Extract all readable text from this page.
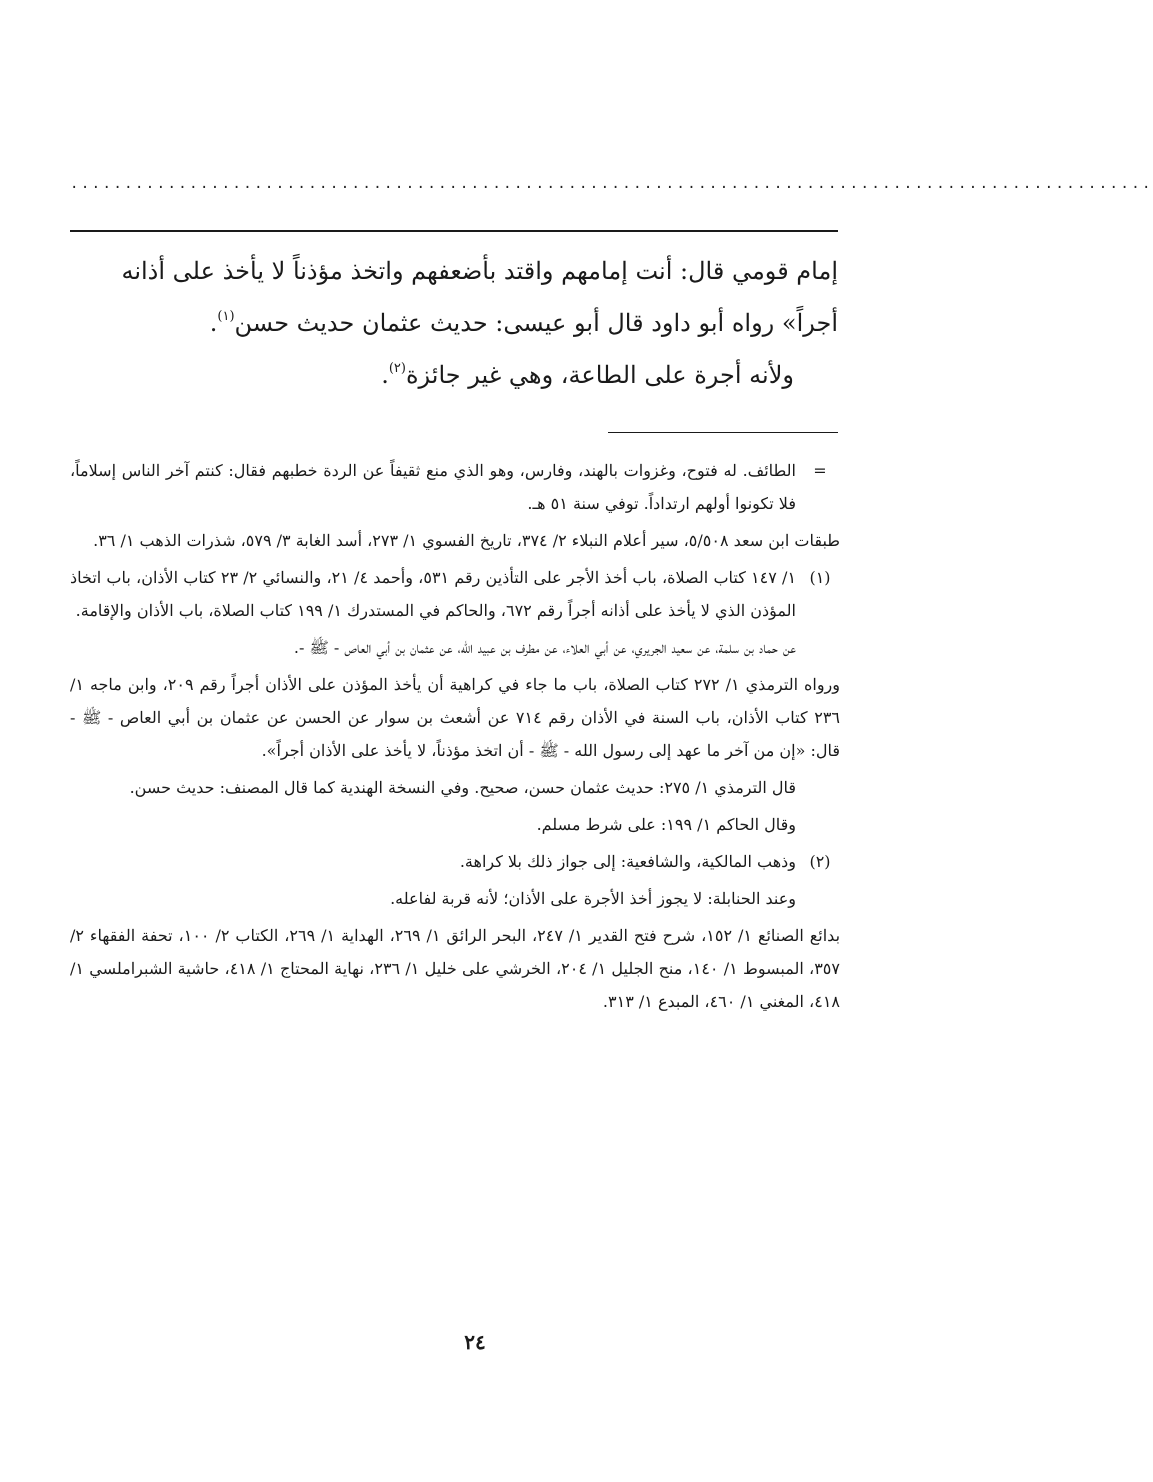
....................................................................................................

إمام قومي قال: أنت إمامهم واقتد بأضعفهم واتخذ مؤذناً لا يأخذ على أذانه

أجراً» رواه أبو داود قال أبو عيسى: حديث عثمان حديث حسن$^{(١)}$.

ولأنه أجرة على الطاعة، وهي غير جائزة$^{(٢)}$.

=

الطائف. له فتوح، وغزوات بالهند، وفارس، وهو الذي منع ثقيفاً عن الردة خطبهم فقال: كنتم آخر الناس إسلاماً، فلا تكونوا أولهم ارتداداً. توفي سنة ٥١ هـ.

طبقات ابن سعد ٥/٥٠٨، سير أعلام النبلاء ٢/ ٣٧٤، تاريخ الفسوي ١/ ٢٧٣، أسد الغابة ٣/ ٥٧٩، شذرات الذهب ١/ ٣٦.

(١)

١/ ١٤٧ كتاب الصلاة، باب أخذ الأجر على التأذين رقم ٥٣١، وأحمد ٤/ ٢١، والنسائي ٢/ ٢٣ كتاب الأذان، باب اتخاذ المؤذن الذي لا يأخذ على أذانه أجراً رقم ٦٧٢، والحاكم في المستدرك ١/ ١٩٩ كتاب الصلاة، باب الأذان والإقامة.

عن حماد بن سلمة، عن سعيد الجريري، عن أبي العلاء، عن مطرف بن عبيد الله، عن عثمان بن أبي العاص - ﷺ -.

ورواه الترمذي ١/ ٢٧٢ كتاب الصلاة، باب ما جاء في كراهية أن يأخذ المؤذن على الأذان أجراً رقم ٢٠٩، وابن ماجه ١/ ٢٣٦ كتاب الأذان، باب السنة في الأذان رقم ٧١٤ عن أشعث بن سوار عن الحسن عن عثمان بن أبي العاص - ﷺ - قال: «إن من آخر ما عهد إلى رسول الله - ﷺ - أن اتخذ مؤذناً، لا يأخذ على الأذان أجراً».

قال الترمذي ١/ ٢٧٥: حديث عثمان حسن، صحيح. وفي النسخة الهندية كما قال المصنف: حديث حسن.

وقال الحاكم ١/ ١٩٩: على شرط مسلم.

(٢)

وذهب المالكية، والشافعية: إلى جواز ذلك بلا كراهة.

وعند الحنابلة: لا يجوز أخذ الأجرة على الأذان؛ لأنه قربة لفاعله.

بدائع الصنائع ١/ ١٥٢، شرح فتح القدير ١/ ٢٤٧، البحر الرائق ١/ ٢٦٩، الهداية ١/ ٢٦٩، الكتاب ٢/ ١٠٠، تحفة الفقهاء ٢/ ٣٥٧، المبسوط ١/ ١٤٠، منح الجليل ١/ ٢٠٤، الخرشي على خليل ١/ ٢٣٦، نهاية المحتاج ١/ ٤١٨، حاشية الشبراملسي ١/ ٤١٨، المغني ١/ ٤٦٠، المبدع ١/ ٣١٣.

٢٤
